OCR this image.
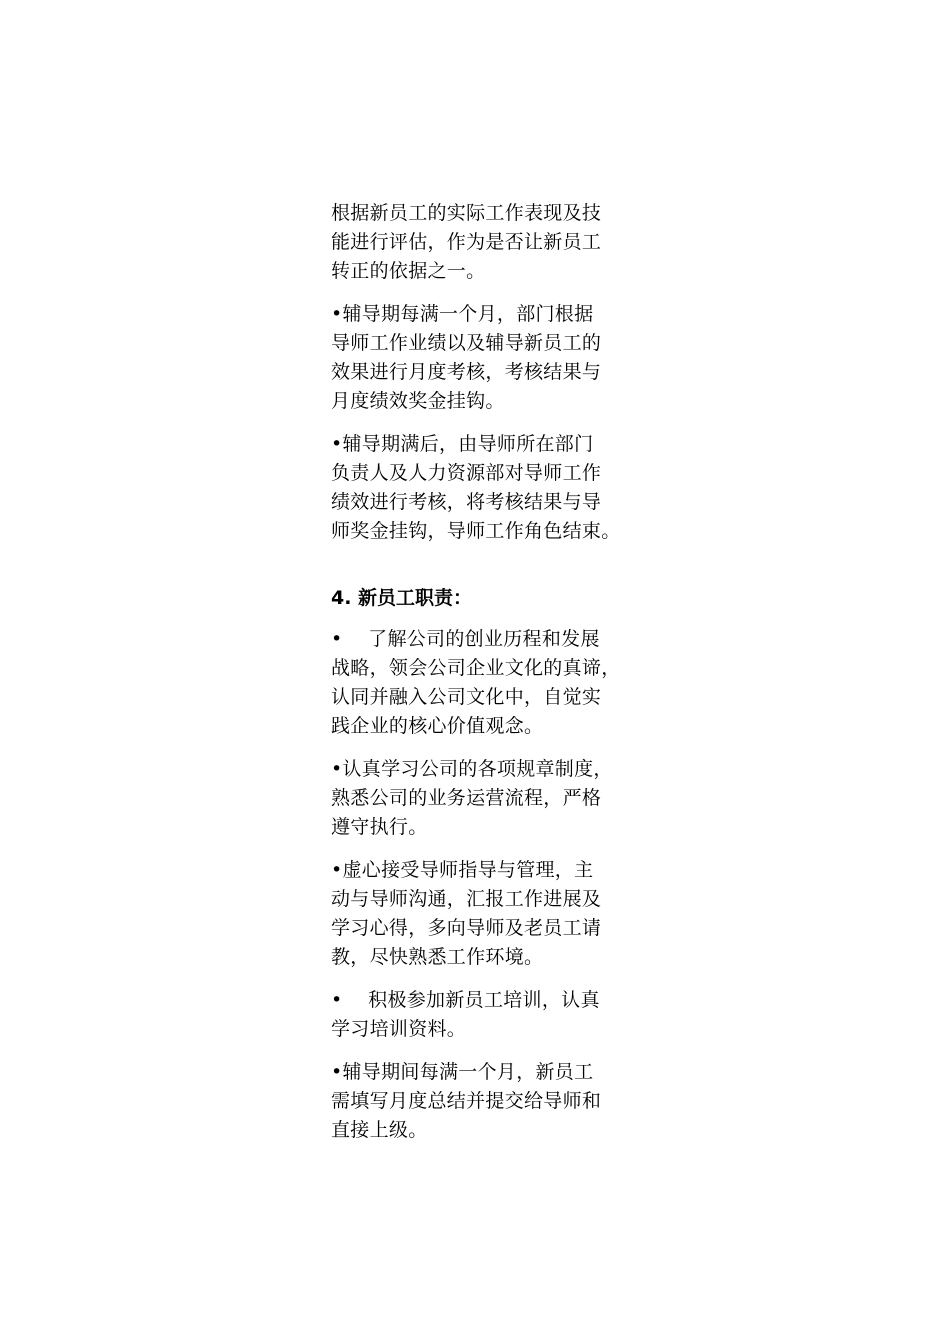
根据新员工的实际工作表现及技
能进行评估，作为是否让新员工
转正的依据之一。

•辅导期每满一个月，部门根据
导师工作业绩以及辅导新员工的
效果进行月度考核，考核结果与
月度绩效奖金挂钩。

•辅导期满后，由导师所在部门
负责人及人力资源部对导师工作
绩效进行考核，将考核结果与导
师奖金挂钩，导师工作角色结束。

4. 新员工职责：

•　 了解公司的创业历程和发展
战略，领会公司企业文化的真谛，
认同并融入公司文化中，自觉实
践企业的核心价值观念。

•认真学习公司的各项规章制度，
熟悉公司的业务运营流程，严格
遵守执行。

•虚心接受导师指导与管理，主
动与导师沟通，汇报工作进展及
学习心得，多向导师及老员工请
教，尽快熟悉工作环境。

•　 积极参加新员工培训，认真
学习培训资料。

•辅导期间每满一个月，新员工
需填写月度总结并提交给导师和
直接上级。
